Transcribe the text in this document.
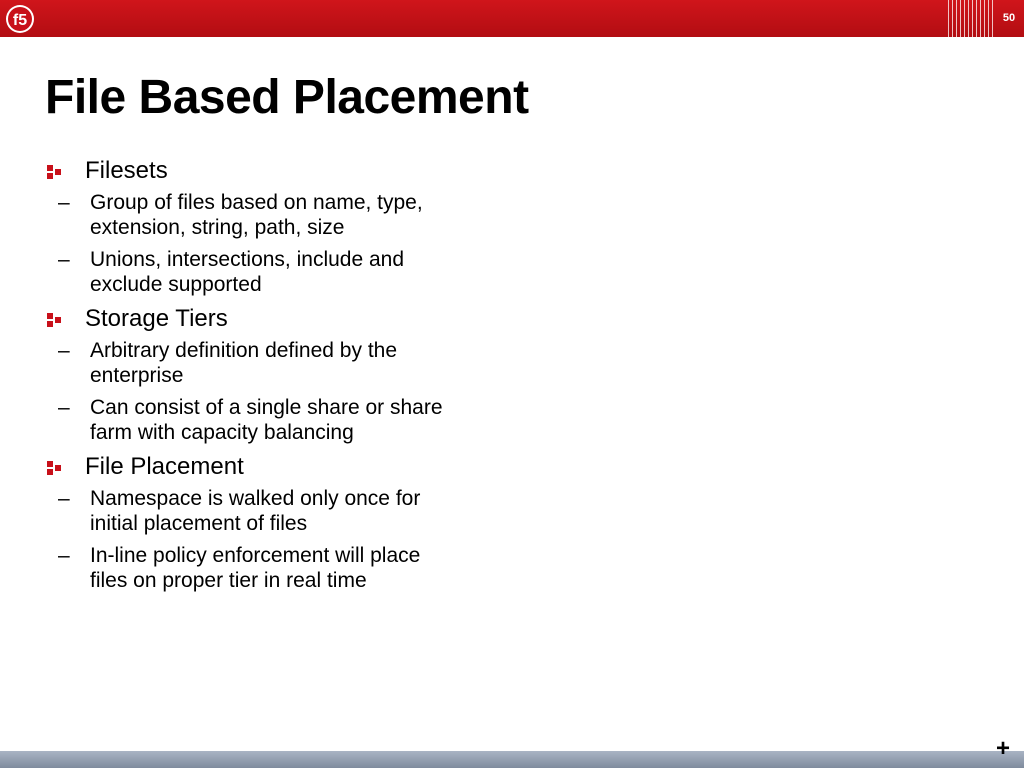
f5	50
File Based Placement
Filesets
– Group of files based on name, type, extension, string, path, size
– Unions, intersections, include and exclude supported
Storage Tiers
– Arbitrary definition defined by the enterprise
– Can consist of a single share or share farm with capacity balancing
File Placement
– Namespace is walked only once for initial placement of files
– In-line policy enforcement will place files on proper tier in real time
+
